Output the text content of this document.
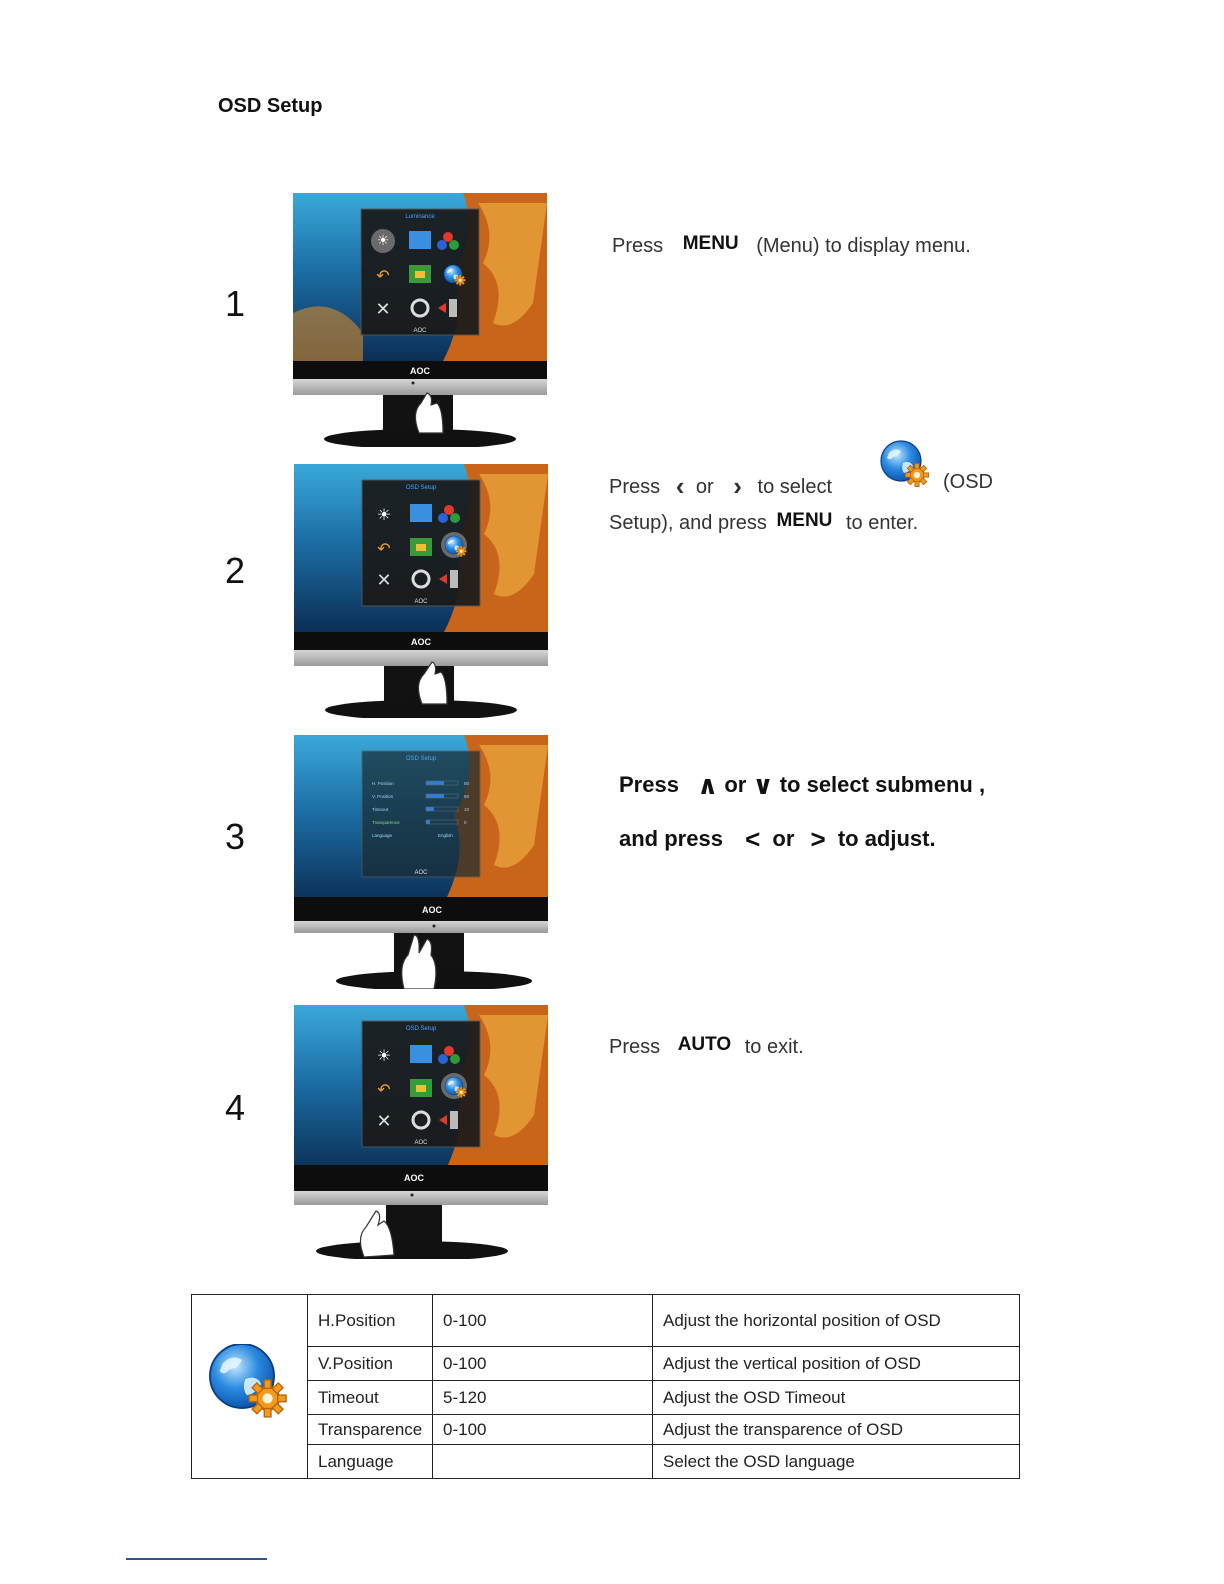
OSD Setup
1
2
3
4
Luminance
☀
↶
✕
AOC
AOC
OSD Setup
☀
↶
✕
AOC
AOC
OSD Setup
H. Position
V. Position
Timeout
Transparence
Language
50
50
10
0
English
AOC
AOC
OSD Setup
☀
↶
✕
AOC
AOC
Press MENU (Menu) to display menu.
Press ‹ or › to select	(OSD
Setup), and press MENU to enter.
Press ∧ or ∨ to select submenu ,
and press < or > to adjust.
Press AUTO to exit.
	H.Position	0-100	Adjust the horizontal position of OSD
	V.Position	0-100	Adjust the vertical position of OSD
	Timeout	5-120	Adjust the OSD Timeout
	Transparence	0-100	Adjust the transparence of OSD
	Language		Select the OSD language
